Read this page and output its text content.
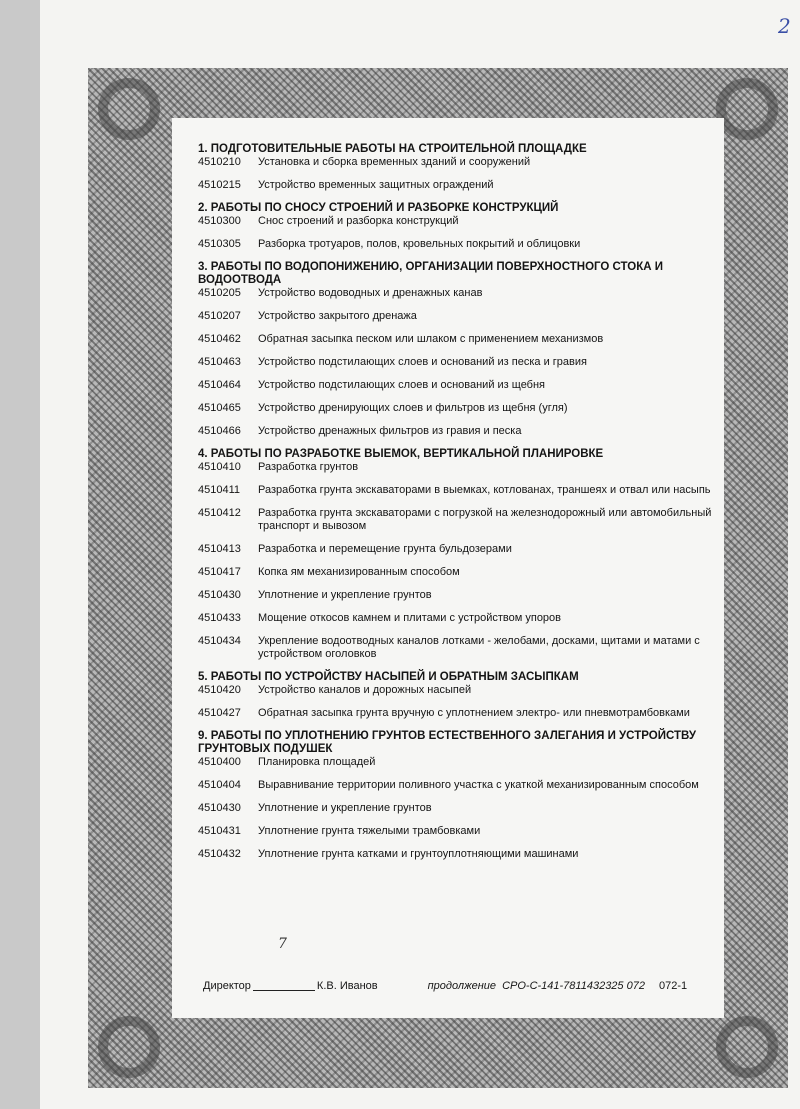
2
1. ПОДГОТОВИТЕЛЬНЫЕ РАБОТЫ НА СТРОИТЕЛЬНОЙ ПЛОЩАДКЕ
4510210	Установка и сборка временных зданий и сооружений
4510215	Устройство временных защитных ограждений
2. РАБОТЫ ПО СНОСУ СТРОЕНИЙ И РАЗБОРКЕ КОНСТРУКЦИЙ
4510300	Снос строений и разборка конструкций
4510305	Разборка тротуаров, полов, кровельных покрытий и облицовки
3. РАБОТЫ ПО ВОДОПОНИЖЕНИЮ, ОРГАНИЗАЦИИ ПОВЕРХНОСТНОГО СТОКА И ВОДООТВОДА
4510205	Устройство водоводных и дренажных канав
4510207	Устройство закрытого дренажа
4510462	Обратная засыпка песком или шлаком с применением механизмов
4510463	Устройство подстилающих слоев и оснований из песка и гравия
4510464	Устройство подстилающих слоев и оснований из щебня
4510465	Устройство дренирующих слоев и фильтров из щебня (угля)
4510466	Устройство дренажных фильтров из гравия и песка
4. РАБОТЫ ПО РАЗРАБОТКЕ ВЫЕМОК, ВЕРТИКАЛЬНОЙ ПЛАНИРОВКЕ
4510410	Разработка грунтов
4510411	Разработка грунта экскаваторами в выемках, котлованах, траншеях и отвал или насыпь
4510412	Разработка грунта экскаваторами с погрузкой на железнодорожный или автомобильный транспорт и вывозом
4510413	Разработка и перемещение грунта бульдозерами
4510417	Копка ям механизированным способом
4510430	Уплотнение и укрепление грунтов
4510433	Мощение откосов камнем и плитами с устройством упоров
4510434	Укрепление водоотводных каналов лотками - желобами, досками, щитами и матами с устройством оголовков
5. РАБОТЫ ПО УСТРОЙСТВУ НАСЫПЕЙ И ОБРАТНЫМ ЗАСЫПКАМ
4510420	Устройство каналов и дорожных насыпей
4510427	Обратная засыпка грунта вручную с уплотнением электро- или пневмотрамбовками
9. РАБОТЫ ПО УПЛОТНЕНИЮ ГРУНТОВ ЕСТЕСТВЕННОГО ЗАЛЕГАНИЯ И УСТРОЙСТВУ ГРУНТОВЫХ ПОДУШЕК
4510400	Планировка площадей
4510404	Выравнивание территории поливного участка с укаткой механизированным способом
4510430	Уплотнение и укрепление грунтов
4510431	Уплотнение грунта тяжелыми трамбовками
4510432	Уплотнение грунта катками и грунтоуплотняющими машинами
7
Директор	К.В. Иванов	продолжение СРО-С-141-7811432325 072 072-1
